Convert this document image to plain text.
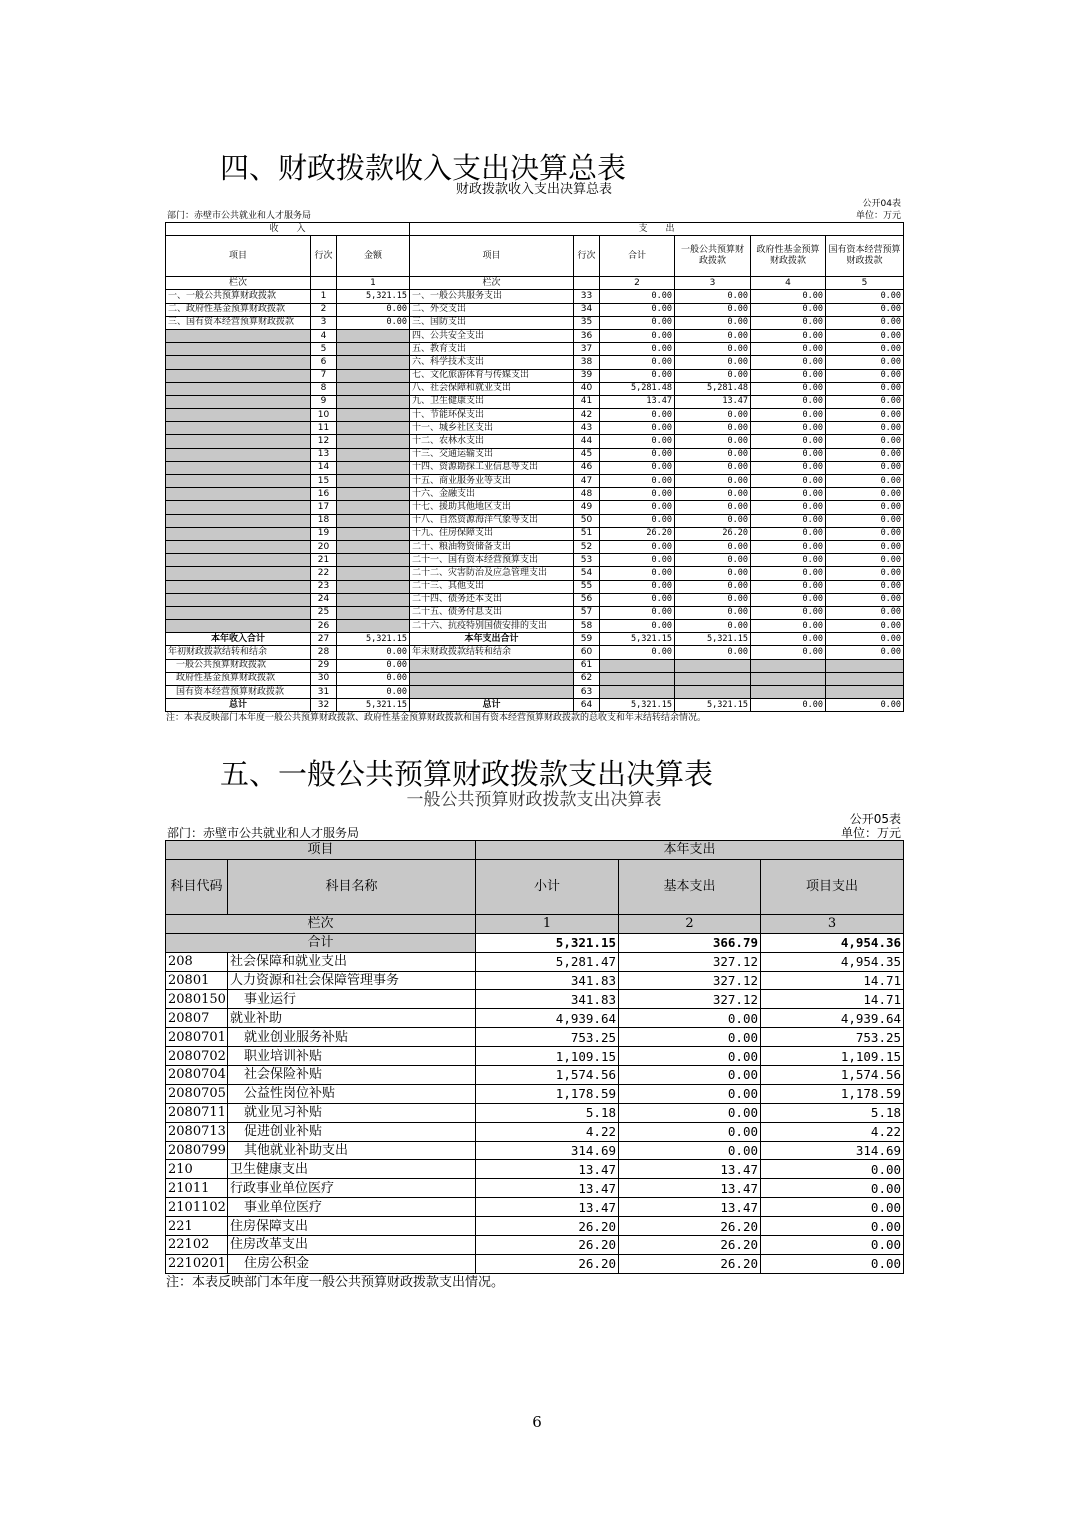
四、财政拨款收入支出决算总表
财政拨款收入支出决算总表
公开04表
部门：赤壁市公共就业和人才服务局	单位：万元
收　　入			支　　出					
项目	行次	金额	项目	行次	合计	一般公共预算财政拨款	政府性基金预算财政拨款	国有资本经营预算财政拨款
栏次		1	栏次		2	3	4	5
一、一般公共预算财政拨款	1	5,321.15	一、一般公共服务支出	33	0.00	0.00	0.00	0.00
二、政府性基金预算财政拨款	2	0.00	二、外交支出	34	0.00	0.00	0.00	0.00
三、国有资本经营预算财政拨款	3	0.00	三、国防支出	35	0.00	0.00	0.00	0.00
	4		四、公共安全支出	36	0.00	0.00	0.00	0.00
	5		五、教育支出	37	0.00	0.00	0.00	0.00
	6		六、科学技术支出	38	0.00	0.00	0.00	0.00
	7		七、文化旅游体育与传媒支出	39	0.00	0.00	0.00	0.00
	8		八、社会保障和就业支出	40	5,281.48	5,281.48	0.00	0.00
	9		九、卫生健康支出	41	13.47	13.47	0.00	0.00
	10		十、节能环保支出	42	0.00	0.00	0.00	0.00
	11		十一、城乡社区支出	43	0.00	0.00	0.00	0.00
	12		十二、农林水支出	44	0.00	0.00	0.00	0.00
	13		十三、交通运输支出	45	0.00	0.00	0.00	0.00
	14		十四、资源勘探工业信息等支出	46	0.00	0.00	0.00	0.00
	15		十五、商业服务业等支出	47	0.00	0.00	0.00	0.00
	16		十六、金融支出	48	0.00	0.00	0.00	0.00
	17		十七、援助其他地区支出	49	0.00	0.00	0.00	0.00
	18		十八、自然资源海洋气象等支出	50	0.00	0.00	0.00	0.00
	19		十九、住房保障支出	51	26.20	26.20	0.00	0.00
	20		二十、粮油物资储备支出	52	0.00	0.00	0.00	0.00
	21		二十一、国有资本经营预算支出	53	0.00	0.00	0.00	0.00
	22		二十二、灾害防治及应急管理支出	54	0.00	0.00	0.00	0.00
	23		二十三、其他支出	55	0.00	0.00	0.00	0.00
	24		二十四、债务还本支出	56	0.00	0.00	0.00	0.00
	25		二十五、债务付息支出	57	0.00	0.00	0.00	0.00
	26		二十六、抗疫特别国债安排的支出	58	0.00	0.00	0.00	0.00
本年收入合计	27	5,321.15	本年支出合计	59	5,321.15	5,321.15	0.00	0.00
年初财政拨款结转和结余	28	0.00	年末财政拨款结转和结余	60	0.00	0.00	0.00	0.00
一般公共预算财政拨款	29	0.00		61				
政府性基金预算财政拨款	30	0.00		62				
国有资本经营预算财政拨款	31	0.00		63				
总计	32	5,321.15	总计	64	5,321.15	5,321.15	0.00	0.00
注：本表反映部门本年度一般公共预算财政拨款、政府性基金预算财政拨款和国有资本经营预算财政拨款的总收支和年末结转结余情况。
五、一般公共预算财政拨款支出决算表
一般公共预算财政拨款支出决算表
公开05表
部门：赤壁市公共就业和人才服务局	单位：万元
项目		本年支出		
科目代码	科目名称	小计	基本支出	项目支出
栏次		1	2	3
合计		5,321.15	366.79	4,954.36
208	社会保障和就业支出	5,281.47	327.12	4,954.35
20801	人力资源和社会保障管理事务	341.83	327.12	14.71
2080150	事业运行	341.83	327.12	14.71
20807	就业补助	4,939.64	0.00	4,939.64
2080701	就业创业服务补贴	753.25	0.00	753.25
2080702	职业培训补贴	1,109.15	0.00	1,109.15
2080704	社会保险补贴	1,574.56	0.00	1,574.56
2080705	公益性岗位补贴	1,178.59	0.00	1,178.59
2080711	就业见习补贴	5.18	0.00	5.18
2080713	促进创业补贴	4.22	0.00	4.22
2080799	其他就业补助支出	314.69	0.00	314.69
210	卫生健康支出	13.47	13.47	0.00
21011	行政事业单位医疗	13.47	13.47	0.00
2101102	事业单位医疗	13.47	13.47	0.00
221	住房保障支出	26.20	26.20	0.00
22102	住房改革支出	26.20	26.20	0.00
2210201	住房公积金	26.20	26.20	0.00
注：本表反映部门本年度一般公共预算财政拨款支出情况。
6
